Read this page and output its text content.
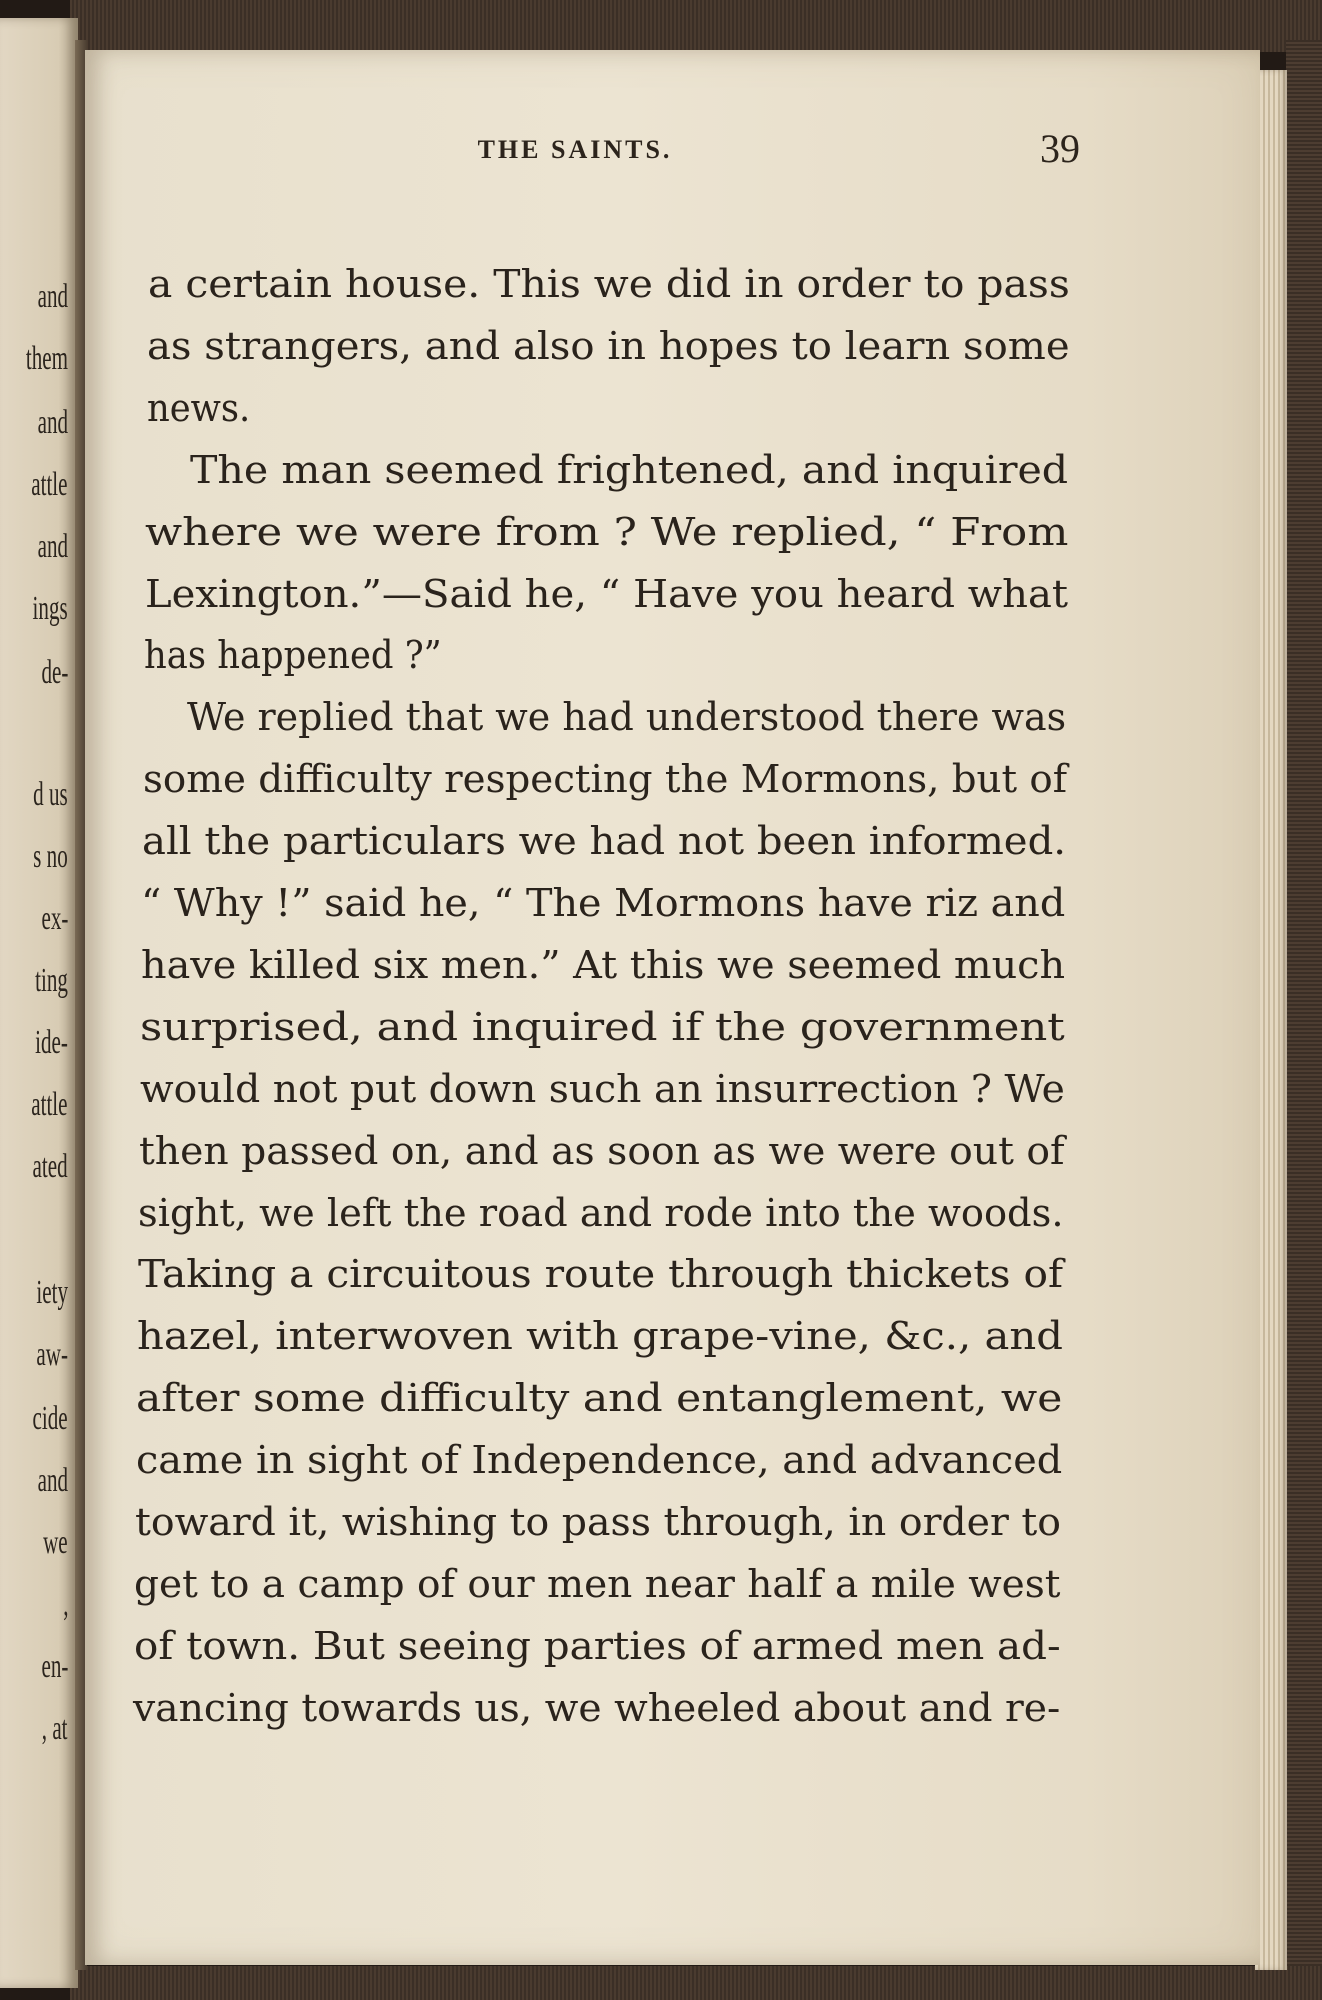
and

them

and

attle

and

ings

de-

d us

s no

ex-

ting

ide-

attle

ated

iety

aw-

cide

and

we

,

en-

, at

THE SAINTS.	39

a certain house. This we did in order to pass

as strangers, and also in hopes to learn some

news.

The man seemed frightened, and inquired

where we were from ? We replied, “ From

Lexington.”—Said he, “ Have you heard what

has happened ?”

We replied that we had understood there was

some difficulty respecting the Mormons, but of

all the particulars we had not been informed.

“ Why !” said he, “ The Mormons have riz and

have killed six men.” At this we seemed much

surprised, and inquired if the government

would not put down such an insurrection ? We

then passed on, and as soon as we were out of

sight, we left the road and rode into the woods.

Taking a circuitous route through thickets of

hazel, interwoven with grape-vine, &c., and

after some difficulty and entanglement, we

came in sight of Independence, and advanced

toward it, wishing to pass through, in order to

get to a camp of our men near half a mile west

of town. But seeing parties of armed men ad-

vancing towards us, we wheeled about and re-
